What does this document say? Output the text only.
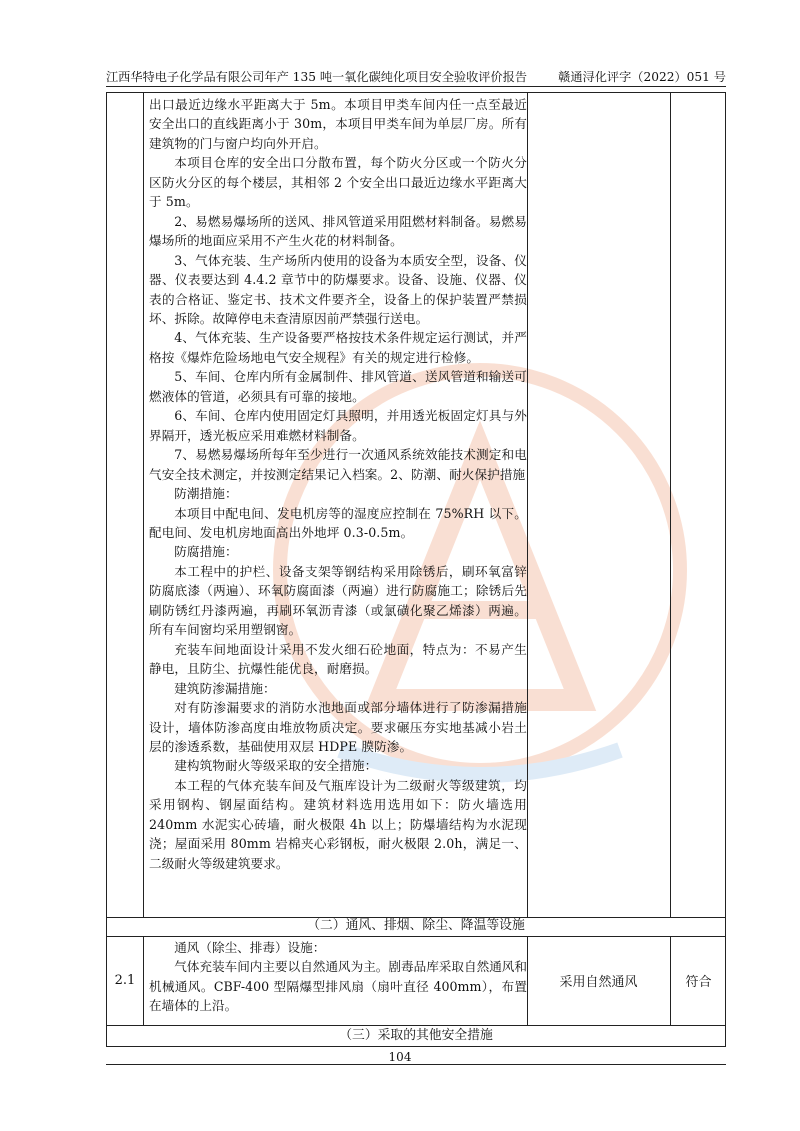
江西华特电子化学品有限公司年产 135 吨一氧化碳纯化项目安全验收评价报告	赣通浔化评字（2022）051 号

出口最近边缘水平距离大于 5m。本项目甲类车间内任一点至最近安全出口的直线距离小于 30m，本项目甲类车间为单层厂房。所有建筑物的门与窗户均向外开启。

本项目仓库的安全出口分散布置，每个防火分区或一个防火分区防火分区的每个楼层，其相邻 2 个安全出口最近边缘水平距离大于 5m。

2、易燃易爆场所的送风、排风管道采用阻燃材料制备。易燃易爆场所的地面应采用不产生火花的材料制备。

3、气体充装、生产场所内使用的设备为本质安全型，设备、仪器、仪表要达到 4.4.2 章节中的防爆要求。设备、设施、仪器、仪表的合格证、鉴定书、技术文件要齐全，设备上的保护装置严禁损坏、拆除。故障停电未查清原因前严禁强行送电。

4、气体充装、生产设备要严格按技术条件规定运行测试，并严格按《爆炸危险场地电气安全规程》有关的规定进行检修。

5、车间、仓库内所有金属制件、排风管道、送风管道和输送可燃液体的管道，必须具有可靠的接地。

6、车间、仓库内使用固定灯具照明，并用透光板固定灯具与外界隔开，透光板应采用难燃材料制备。

7、易燃易爆场所每年至少进行一次通风系统效能技术测定和电气安全技术测定，并按测定结果记入档案。2、防潮、耐火保护措施

防潮措施：

本项目中配电间、发电机房等的湿度应控制在 75%RH 以下。配电间、发电机房地面高出外地坪 0.3-0.5m。

防腐措施：

本工程中的护栏、设备支架等钢结构采用除锈后，刷环氧富锌防腐底漆（两遍）、环氧防腐面漆（两遍）进行防腐施工；除锈后先刷防锈红丹漆两遍，再刷环氧沥青漆（或氯磺化聚乙烯漆）两遍。所有车间窗均采用塑钢窗。

充装车间地面设计采用不发火细石砼地面，特点为：不易产生静电，且防尘、抗爆性能优良，耐磨损。

建筑防渗漏措施：

对有防渗漏要求的消防水池地面或部分墙体进行了防渗漏措施设计，墙体防渗高度由堆放物质决定。要求碾压夯实地基减小岩土层的渗透系数，基础使用双层 HDPE 膜防渗。

建构筑物耐火等级采取的安全措施：

本工程的气体充装车间及气瓶库设计为二级耐火等级建筑，均采用钢构、钢屋面结构。建筑材料选用选用如下：防火墙选用 240mm 水泥实心砖墙，耐火极限 4h 以上；防爆墙结构为水泥现浇；屋面采用 80mm 岩棉夹心彩钢板，耐火极限 2.0h，满足一、二级耐火等级建筑要求。

（二）通风、排烟、除尘、降温等设施
2.1

通风（除尘、排毒）设施：

气体充装车间内主要以自然通风为主。剧毒品库采取自然通风和机械通风。CBF-400 型隔爆型排风扇（扇叶直径 400mm），布置在墙体的上沿。

采用自然通风	符合
（三）采取的其他安全措施
104
